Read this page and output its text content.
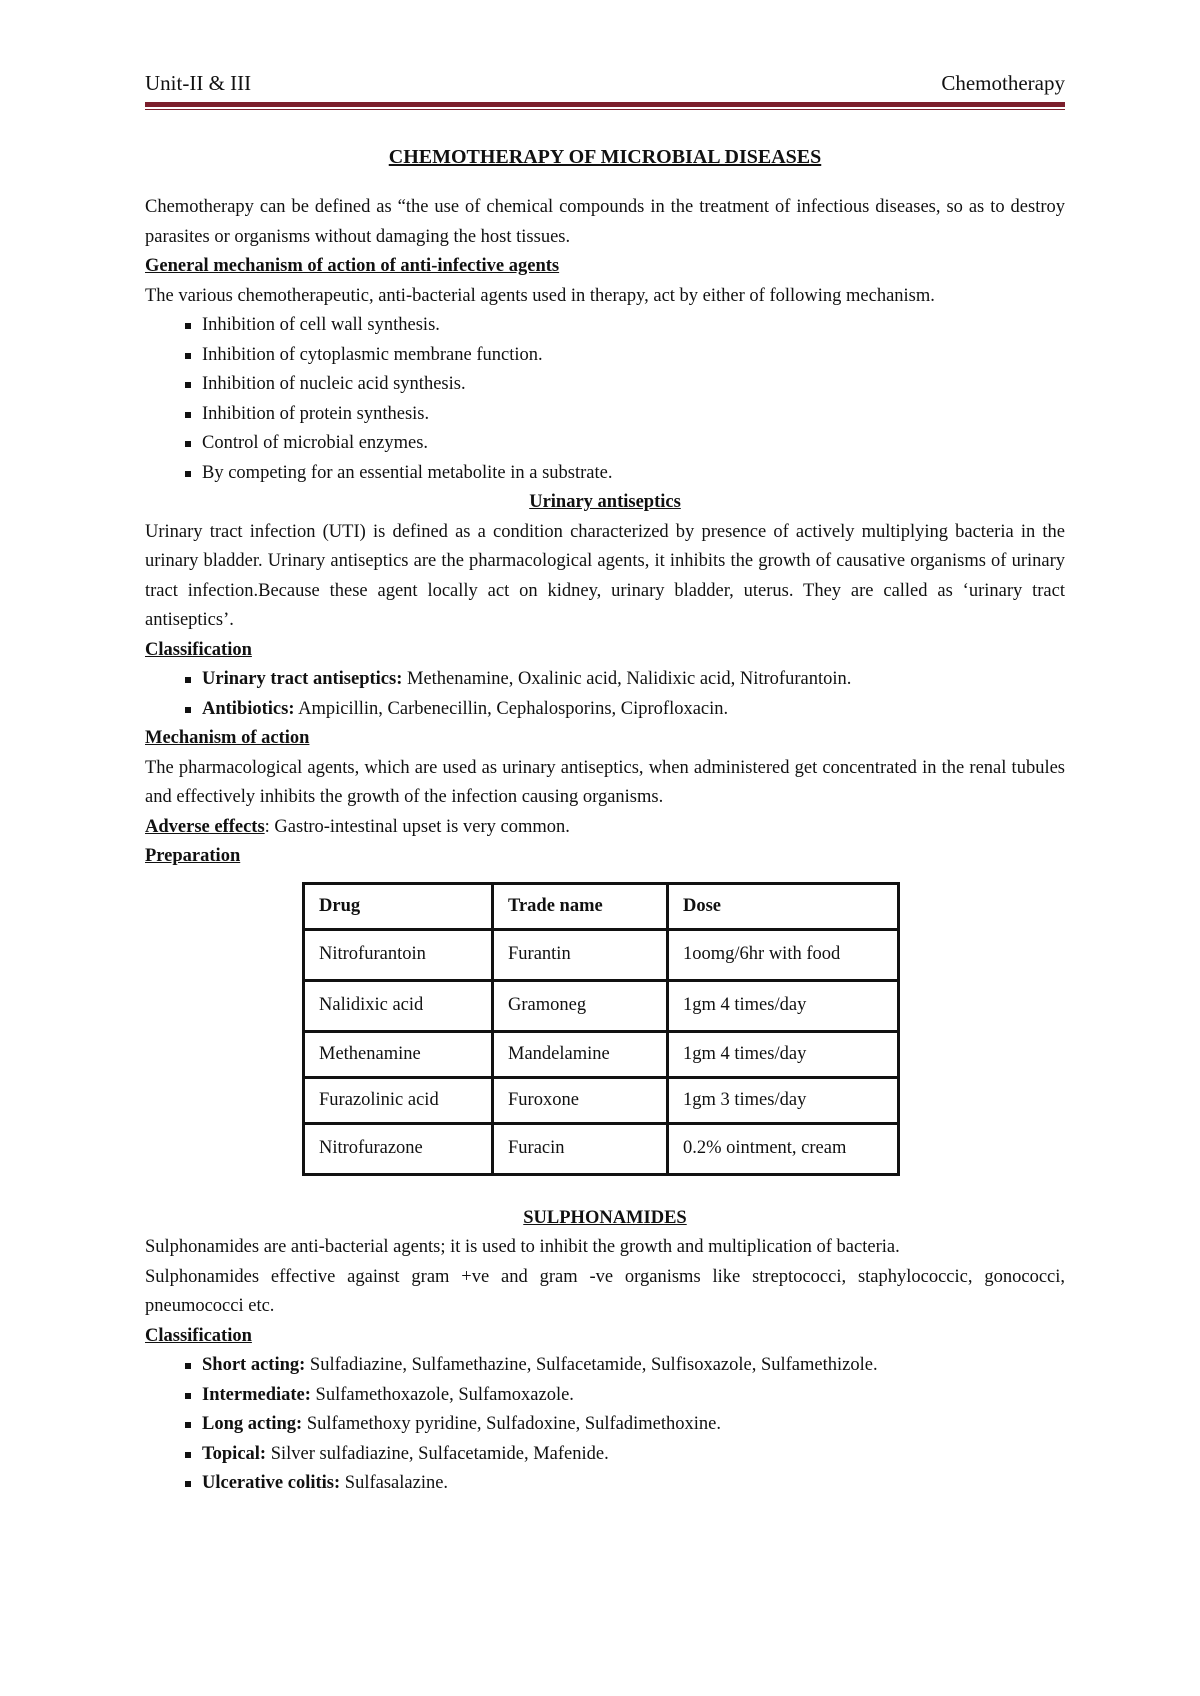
Unit-II & III	Chemotherapy
CHEMOTHERAPY OF MICROBIAL DISEASES

Chemotherapy can be defined as “the use of chemical compounds in the treatment of infectious diseases, so as to destroy parasites or organisms without damaging the host tissues.

General mechanism of action of anti-infective agents

The various chemotherapeutic, anti-bacterial agents used in therapy, act by either of following mechanism.

Inhibition of cell wall synthesis.
Inhibition of cytoplasmic membrane function.
Inhibition of nucleic acid synthesis.
Inhibition of protein synthesis.
Control of microbial enzymes.
By competing for an essential metabolite in a substrate.
Urinary antiseptics

Urinary tract infection (UTI) is defined as a condition characterized by presence of actively multiplying bacteria in the urinary bladder. Urinary antiseptics are the pharmacological agents, it inhibits the growth of causative organisms of urinary tract infection.Because these agent locally act on kidney, urinary bladder, uterus. They are called as ‘urinary tract antiseptics’.

Classification
Urinary tract antiseptics: Methenamine, Oxalinic acid, Nalidixic acid, Nitrofurantoin.
Antibiotics: Ampicillin, Carbenecillin, Cephalosporins, Ciprofloxacin.
Mechanism of action

The pharmacological agents, which are used as urinary antiseptics, when administered get concentrated in the renal tubules and effectively inhibits the growth of the infection causing organisms.

Adverse effects: Gastro-intestinal upset is very common.

Preparation
Drug	Trade name	Dose
Nitrofurantoin	Furantin	1oomg/6hr with food
Nalidixic acid	Gramoneg	1gm 4 times/day
Methenamine	Mandelamine	1gm 4 times/day
Furazolinic acid	Furoxone	1gm 3 times/day
Nitrofurazone	Furacin	0.2% ointment, cream
SULPHONAMIDES

Sulphonamides are anti-bacterial agents; it is used to inhibit the growth and multiplication of bacteria.

Sulphonamides effective against gram +ve and gram -ve organisms like streptococci, staphylococcic, gonococci, pneumococci etc.

Classification
Short acting: Sulfadiazine, Sulfamethazine, Sulfacetamide, Sulfisoxazole, Sulfamethizole.
Intermediate: Sulfamethoxazole, Sulfamoxazole.
Long acting: Sulfamethoxy pyridine, Sulfadoxine, Sulfadimethoxine.
Topical: Silver sulfadiazine, Sulfacetamide, Mafenide.
Ulcerative colitis: Sulfasalazine.
